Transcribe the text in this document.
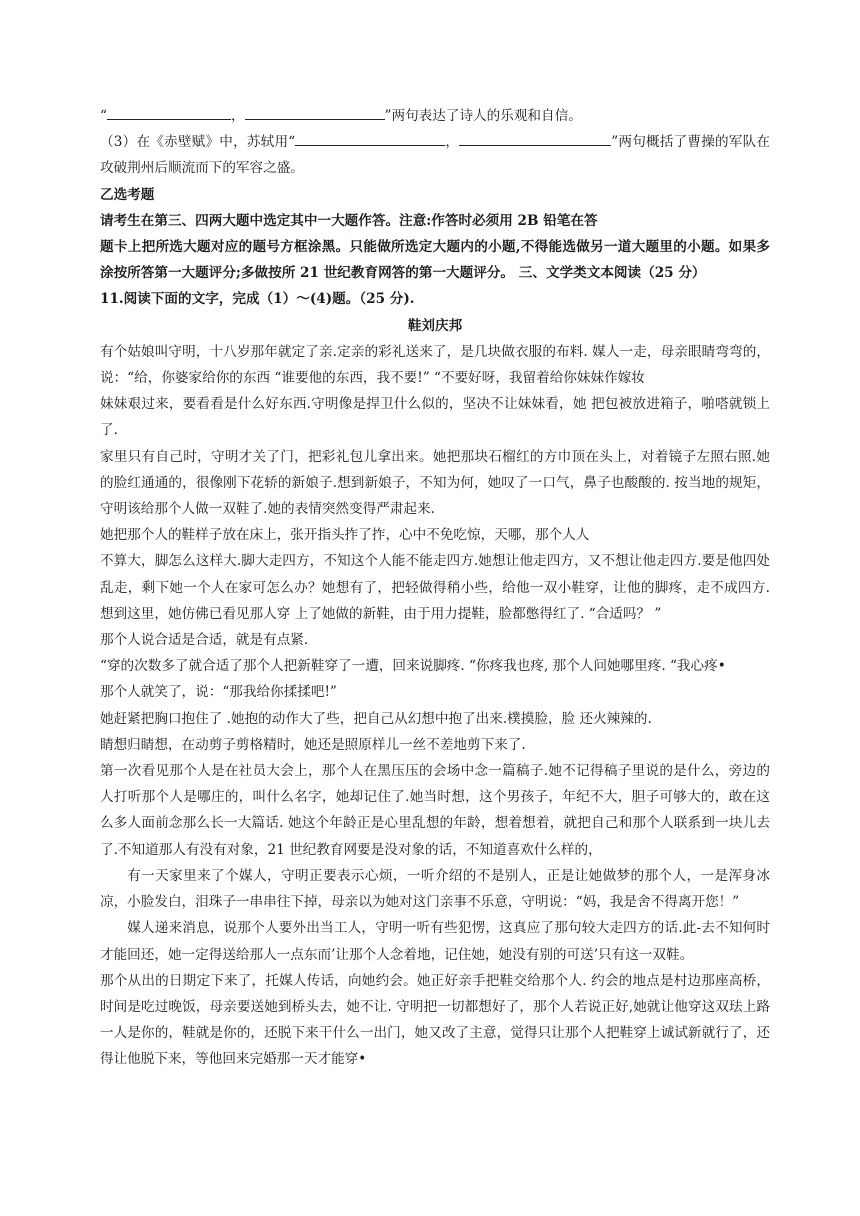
“	，	”两句表达了诗人的乐观和自信。

（3）在《赤壁赋》中，苏轼用“	，	”两句概括了曹操的军队在攻破荆州后顺流而下的军容之盛。

乙选考题

请考生在第三、四两大题中选定其中一大题作答。注意:作答时必须用 2B 铅笔在答

题卡上把所选大题对应的题号方框涂黑。只能做所选定大题内的小题,不得能选做另一道大题里的小题。如果多涂按所答第一大题评分;多做按所 21 世纪教育网答的第一大题评分。 三、文学类文本阅读（25 分）

11.阅读下面的文字，完成（1）～(4)题。（25 分).

鞋刘庆邦

有个姑娘叫守明，十八岁那年就定了亲.定亲的彩礼送来了，是几块做衣服的布料. 媒人一走，母亲眼睛弯弯的，说：“给，你婆家给你的东西 “谁要他的东西，我不要!” “不要好呀，我留着给你妹妹作嫁妆

妹妹艰过来，要看看是什么好东西.守明像是捍卫什么似的，坚决不让妹妹看，她 把包被放进箱子，啪嗒就锁上了.

家里只有自己时，守明才关了门，把彩礼包儿拿出来。她把那块石榴红的方巾顶在头上，对着镜子左照右照.她的脸红通通的，很像刚下花轿的新娘子.想到新娘子，不知为何，她叹了一口气，鼻子也酸酸的. 按当地的规矩，守明该给那个人做一双鞋了.她的表情突然变得严肃起来.

她把那个人的鞋样子放在床上，张开指头拃了拃，心中不免吃惊，天哪，那个人人

不算大，脚怎么这样大.脚大走四方，不知这个人能不能走四方.她想让他走四方，又不想让他走四方.要是他四处乱走，剩下她一个人在家可怎么办？她想有了，把轻做得稍小些，给他一双小鞋穿，让他的脚疼，走不成四方.想到这里，她仿佛已看见那人穿 上了她做的新鞋，由于用力提鞋，脸都憋得红了. “合适吗？ ”

那个人说合适是合适，就是有点紧.

“穿的次数多了就合适了那个人把新鞋穿了一遭，回来说脚疼. “你疼我也疼, 那个人问她哪里疼. “我心疼•

那个人就笑了，说：“那我给你揉揉吧!”

她赶紧把胸口抱住了 .她抱的动作大了些，把自己从幻想中抱了出来.樸摸脸，脸 还火辣辣的.

睛想归睛想，在动剪子剪格精时，她还是照原样儿一丝不差地剪下来了.

第一次看见那个人是在社员大会上，那个人在黑压压的会场中念一篇稿子.她不记得稿子里说的是什么，旁边的人打听那个人是哪庄的，叫什么名字，她却记住了.她当时想，这个男孩子，年纪不大，胆子可够大的，敢在这么多人面前念那么长一大篇话. 她这个年龄正是心里乱想的年龄，想着想着，就把自己和那个人联系到一块儿去了.不知道那人有没有对象，21 世纪教育网要是没对象的话，不知道喜欢什么样的，

有一天家里来了个媒人，守明正要表示心烦，一听介绍的不是别人，正是让她做梦的那个人，一是浑身冰凉，小脸发白，泪珠子一串串往下掉，母亲以为她对这门亲事不乐意，守明说：“妈，我是舍不得离开您！”

媒人递来消息，说那个人要外出当工人，守明一听有些犯愣，这真应了那句较大走四方的话.此-去不知何时才能回还，她一定得送给那人一点东而’让那个人念着地，记住她，她没有别的可送’只有这一双鞋。

那个从出的日期定下来了，托媒人传话，向她约会。她正好亲手把鞋交给那个人. 约会的地点是村边那座高桥，时间是吃过晚饭，母亲要送她到桥头去，她不让. 守明把一切都想好了，那个人若说正好,她就让他穿这双珐上路一人是你的，鞋就是你的，还脱下来干什么一出门，她又改了主意，觉得只让那个人把鞋穿上诚试新就行了，还得让他脱下来，等他回来完婚那一天才能穿•
